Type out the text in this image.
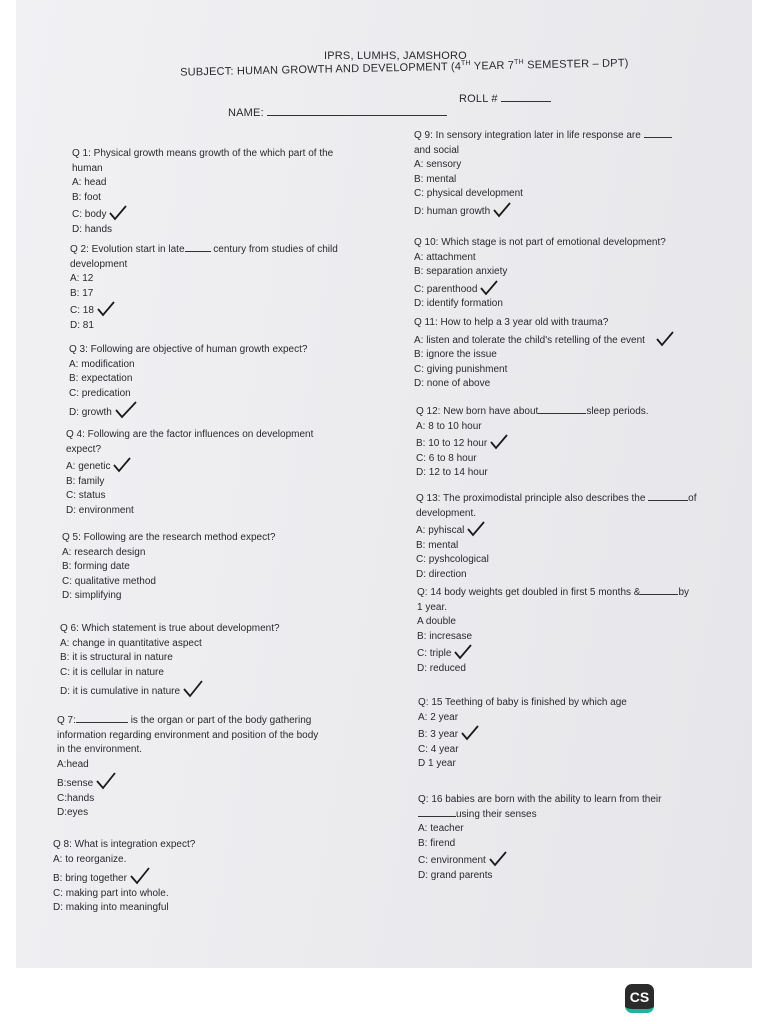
IPRS, LUMHS, JAMSHORO
SUBJECT: HUMAN GROWTH AND DEVELOPMENT (4TH YEAR 7TH SEMESTER – DPT)
ROLL #
NAME:
Q 1: Physical growth means growth of the which part of the
human
A: head
B: foot
C: body
D: hands
Q 2: Evolution start in late	century from studies of child
development
A: 12
B: 17
C: 18
D: 81
Q 3: Following are objective of human growth expect?
A: modification
B: expectation
C: predication
D: growth
Q 4: Following are the factor influences on development
expect?
A: genetic
B: family
C: status
D: environment
Q 5: Following are the research method expect?
A: research design
B: forming date
C: qualitative method
D: simplifying
Q 6: Which statement is true about development?
A: change in quantitative aspect
B: it is structural in nature
C: it is cellular in nature
D: it is cumulative in nature
Q 7:	is the organ or part of the body gathering
information regarding environment and position of the body
in the environment.
A:head
B:sense
C:hands
D:eyes
Q 8: What is integration expect?
A: to reorganize.
B: bring together
C: making part into whole.
D: making into meaningful
Q 9: In sensory integration later in life response are
and social
A: sensory
B: mental
C: physical development
D: human growth
Q 10: Which stage is not part of emotional development?
A: attachment
B: separation anxiety
C: parenthood
D: identify formation
Q 11: How to help a 3 year old with trauma?
A: listen and tolerate the child's retelling of the event
B: ignore the issue
C: giving punishment
D: none of above
Q 12: New born have about	sleep periods.
A: 8 to 10 hour
B: 10 to 12 hour
C: 6 to 8 hour
D: 12 to 14 hour
Q 13: The proximodistal principle also describes the	of
development.
A: pyhiscal
B: mental
C: pyshcological
D: direction
Q: 14 body weights get doubled in first 5 months &	by
1 year.
A double
B: incresase
C: triple
D: reduced
Q: 15 Teething of baby is finished by which age
A: 2 year
B: 3 year
C: 4 year
D 1 year
Q: 16 babies are born with the ability to learn from their
using their senses
A: teacher
B: firend
C: environment
D: grand parents
CS
